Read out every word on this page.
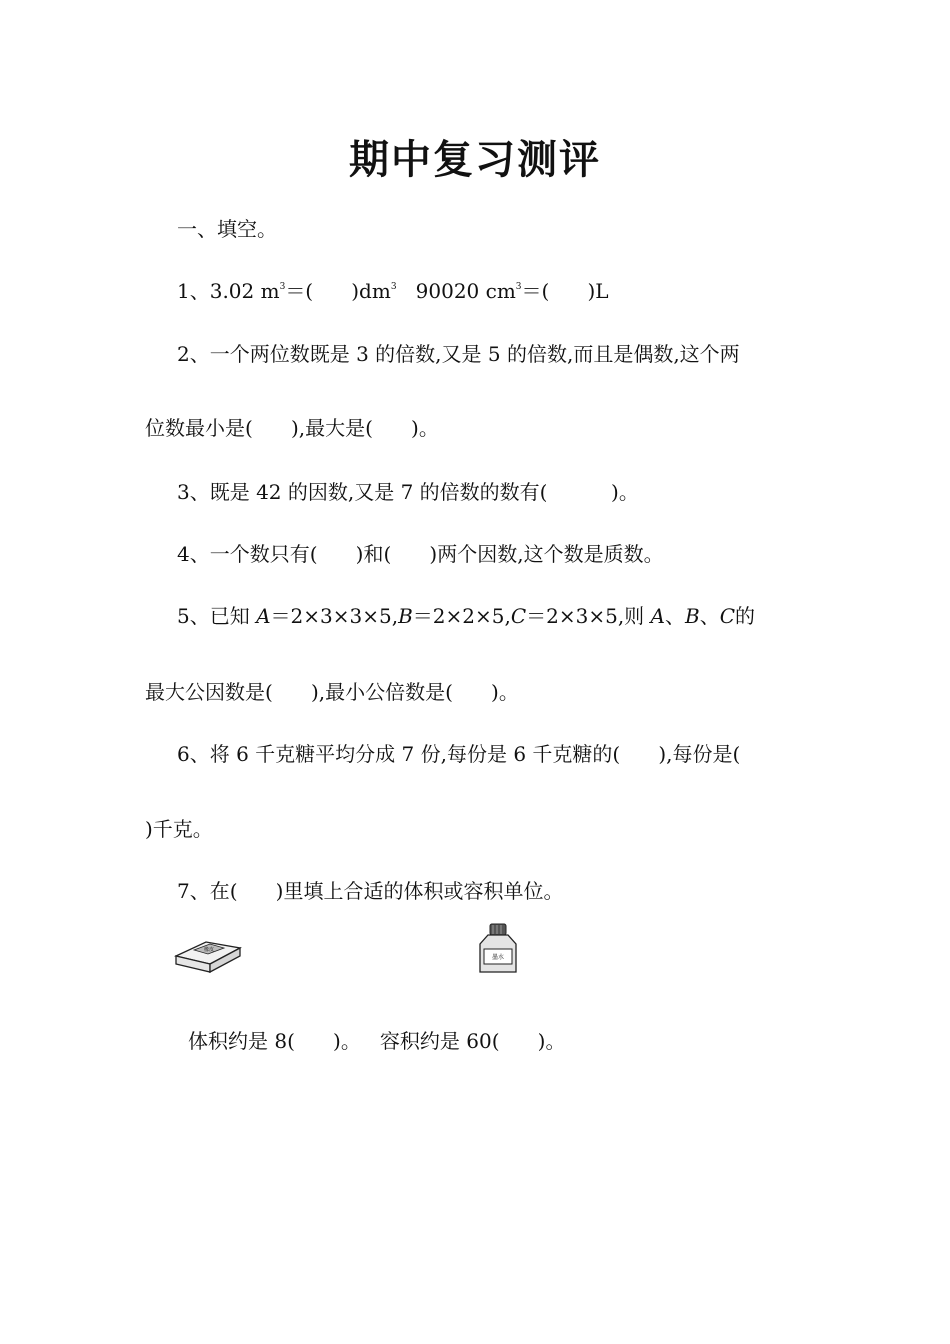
期中复习测评
一、填空。
1、3.02 $m^3=$(      )$dm^3$   90020 $cm^3=$(      )L
2、一个两位数既是 3 的倍数,又是 5 的倍数,而且是偶数,这个两
位数最小是(      ),最大是(      )。
3、既是 42 的因数,又是 7 的倍数的数有(          )。
4、一个数只有(      )和(      )两个因数,这个数是质数。
5、已知 A＝2×3×3×5,B＝2×2×5,C＝2×3×5,则 A、B、C的
最大公因数是(      ),最小公倍数是(      )。
6、将 6 千克糖平均分成 7 份,每份是 6 千克糖的(      ),每份是(
)千克。
7、在(      )里填上合适的体积或容积单位。
橡皮
墨水
体积约是 8(      )。   容积约是 60(      )。
